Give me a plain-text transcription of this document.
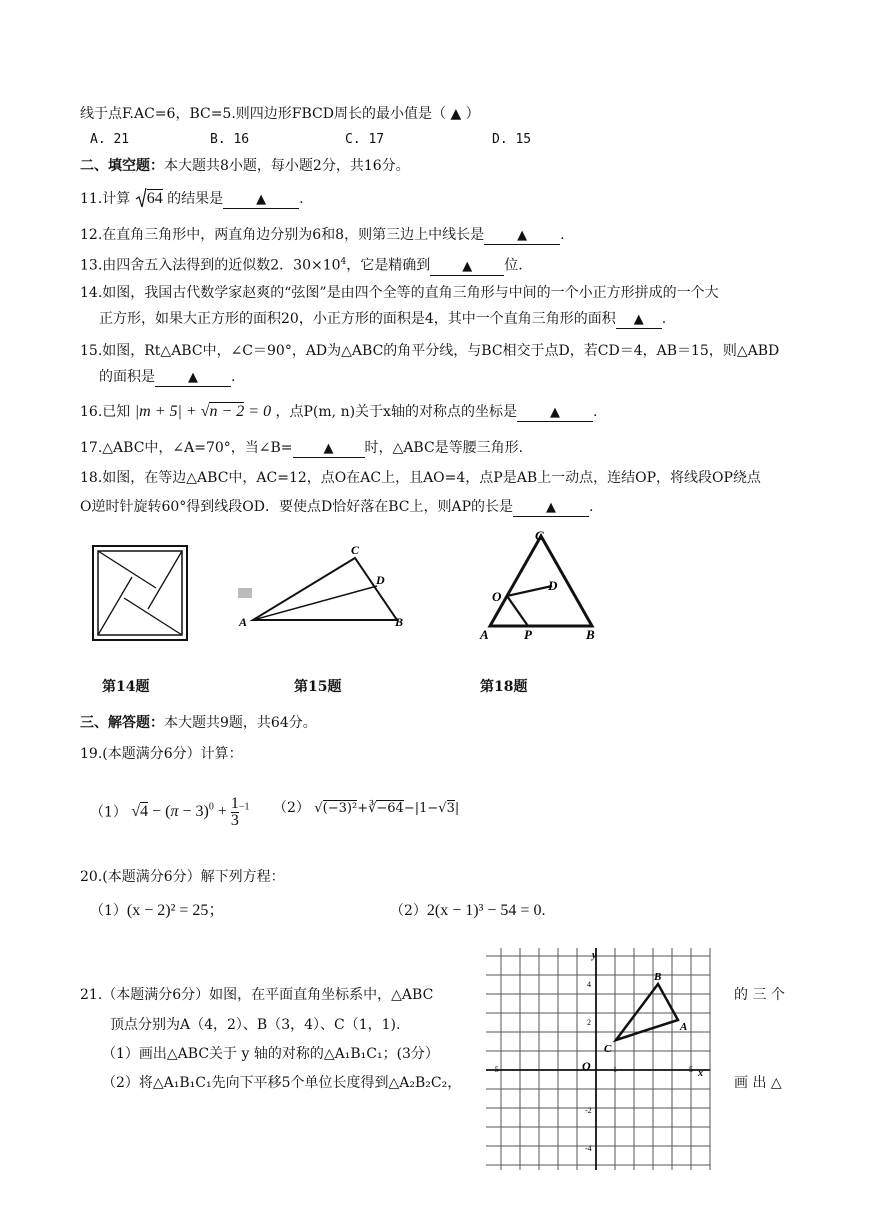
线于点F.AC=6，BC=5.则四边形FBCD周长的最小值是（ ▲ ）
A. 21	B. 16	C. 17	D. 15
二、填空题：本大题共8小题，每小题2分，共16分。
11.计算 64 的结果是	▲ .
12.在直角三角形中，两直角边分别为6和8，则第三边上中线长是	▲ .
13.由四舍五入法得到的近似数2．$30\times 10^4$，它是精确到 ▲ 位.
14.如图，我国古代数学家赵爽的“弦图”是由四个全等的直角三角形与中间的一个小正方形拼成的一个大
正方形，如果大正方形的面积20，小正方形的面积是4，其中一个直角三角形的面积 ▲ .
15.如图，Rt△ABC中，∠C＝90°，AD为△ABC的角平分线，与BC相交于点D，若CD＝4，AB＝15，则△ABD
的面积是	▲ .
16.已知 |m + 5| + √n − 2 = 0 ，点P(m, n)关于x轴的对称点的坐标是	▲ .
17.△ABC中，∠A=70°，当∠B= ▲ 时，△ABC是等腰三角形.
18.如图，在等边△ABC中，AC=12，点O在AC上，且AO=4，点P是AB上一动点，连结OP，将线段OP绕点
O逆时针旋转60°得到线段OD．要使点D恰好落在BC上，则AP的长是	▲ .
A	B
C
D
C
O
D
A	P	B
第14题	第15题	第18题
三、解答题：本大题共9题，共64分。
19.(本题满分6分）计算：
（1） $√4 - (\pi - 3)^0 + \frac{1}{3} ^{-1}$ （2） √(−3)²+∛−64−|1−√3|
20.(本题满分6分）解下列方程：
（1）(x − 2)² = 25；	（2）2(x − 1)³ − 54 = 0.
21.（本题满分6分）如图，在平面直角坐标系中，△ABC	的 三 个
顶点分别为A（4，2）、B（3，4）、C（1，1).
（1）画出△ABC关于 y 轴的对称的△A₁B₁C₁；(3分）
（2）将△A₁B₁C₁先向下平移5个单位长度得到△A₂B₂C₂，	画 出 △
y
x
O
A
B
C
-5	1	5
4
2
-2
-4
